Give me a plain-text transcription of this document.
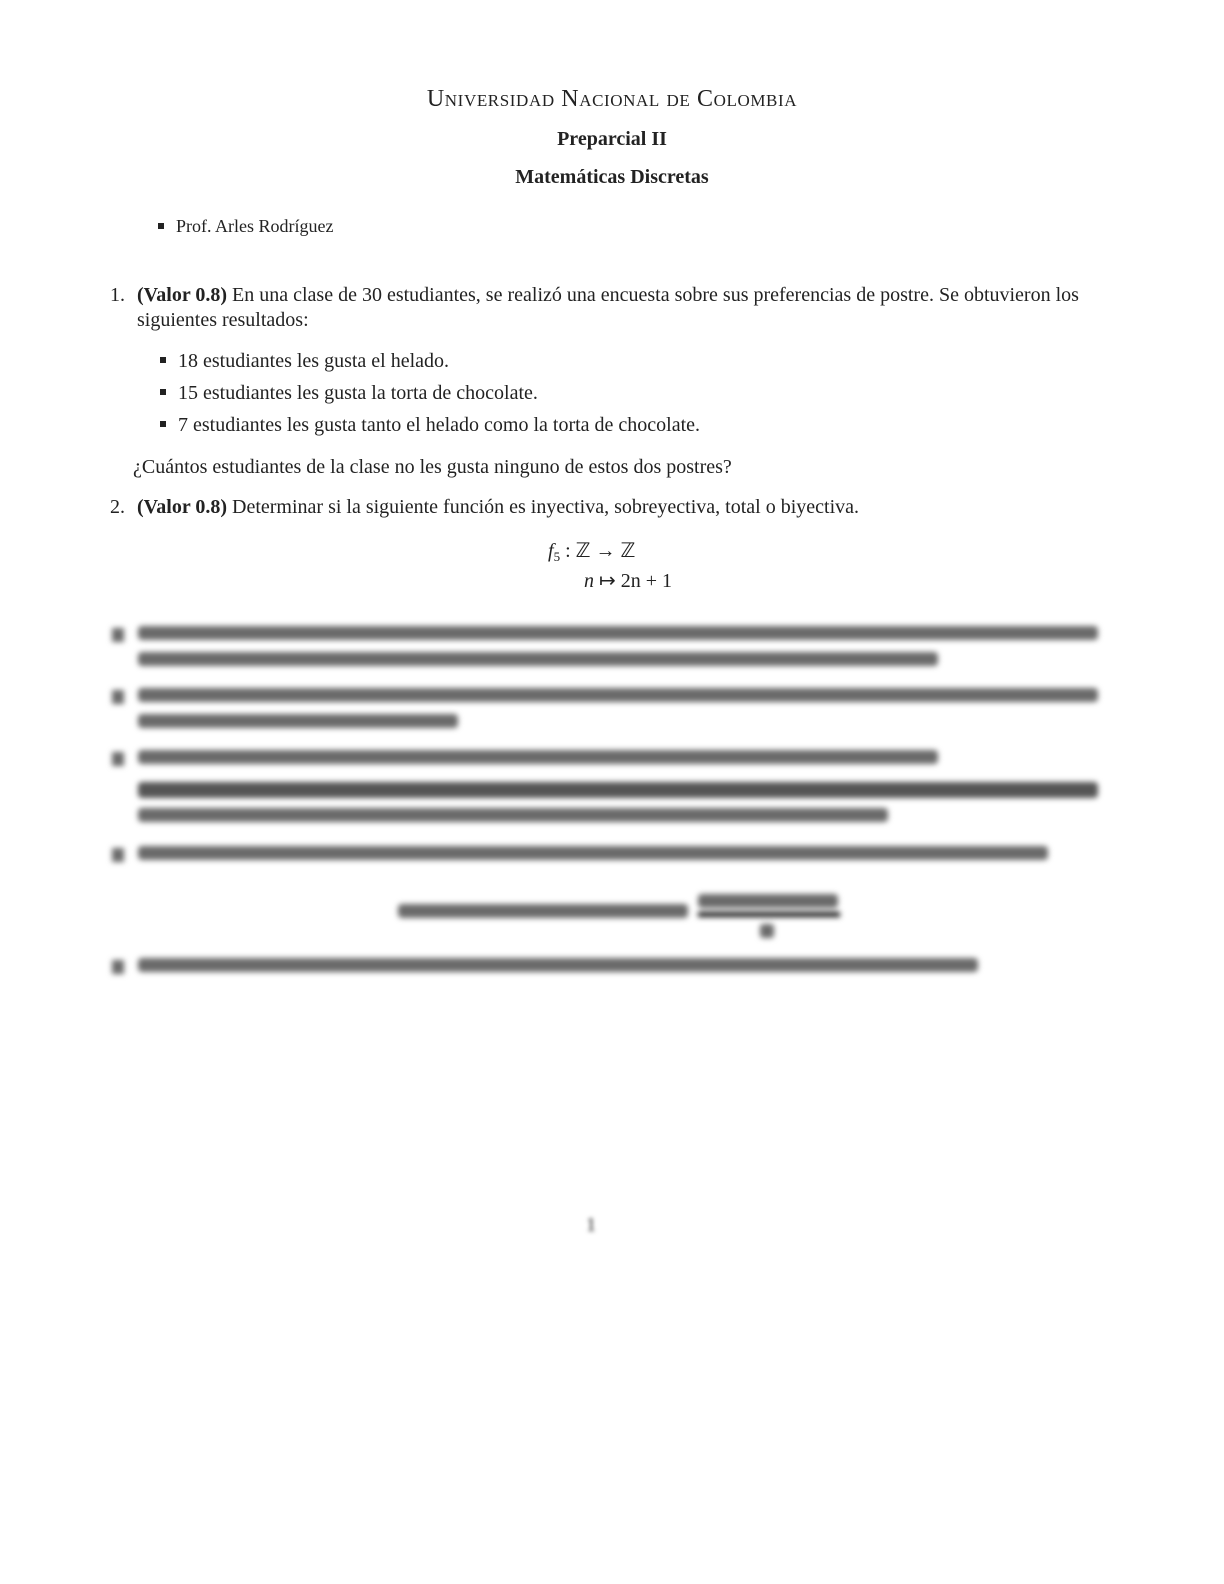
Universidad Nacional de Colombia
Preparcial II
Matemáticas Discretas
Prof. Arles Rodríguez
1. (Valor 0.8) En una clase de 30 estudiantes, se realizó una encuesta sobre sus preferencias de postre. Se obtuvieron los siguientes resultados:
18 estudiantes les gusta el helado.
15 estudiantes les gusta la torta de chocolate.
7 estudiantes les gusta tanto el helado como la torta de chocolate.
¿Cuántos estudiantes de la clase no les gusta ninguno de estos dos postres?
2. (Valor 0.8) Determinar si la siguiente función es inyectiva, sobreyectiva, total o biyectiva.
$f_5$ : ℤ → ℤ
n ↦ 2n + 1
1
